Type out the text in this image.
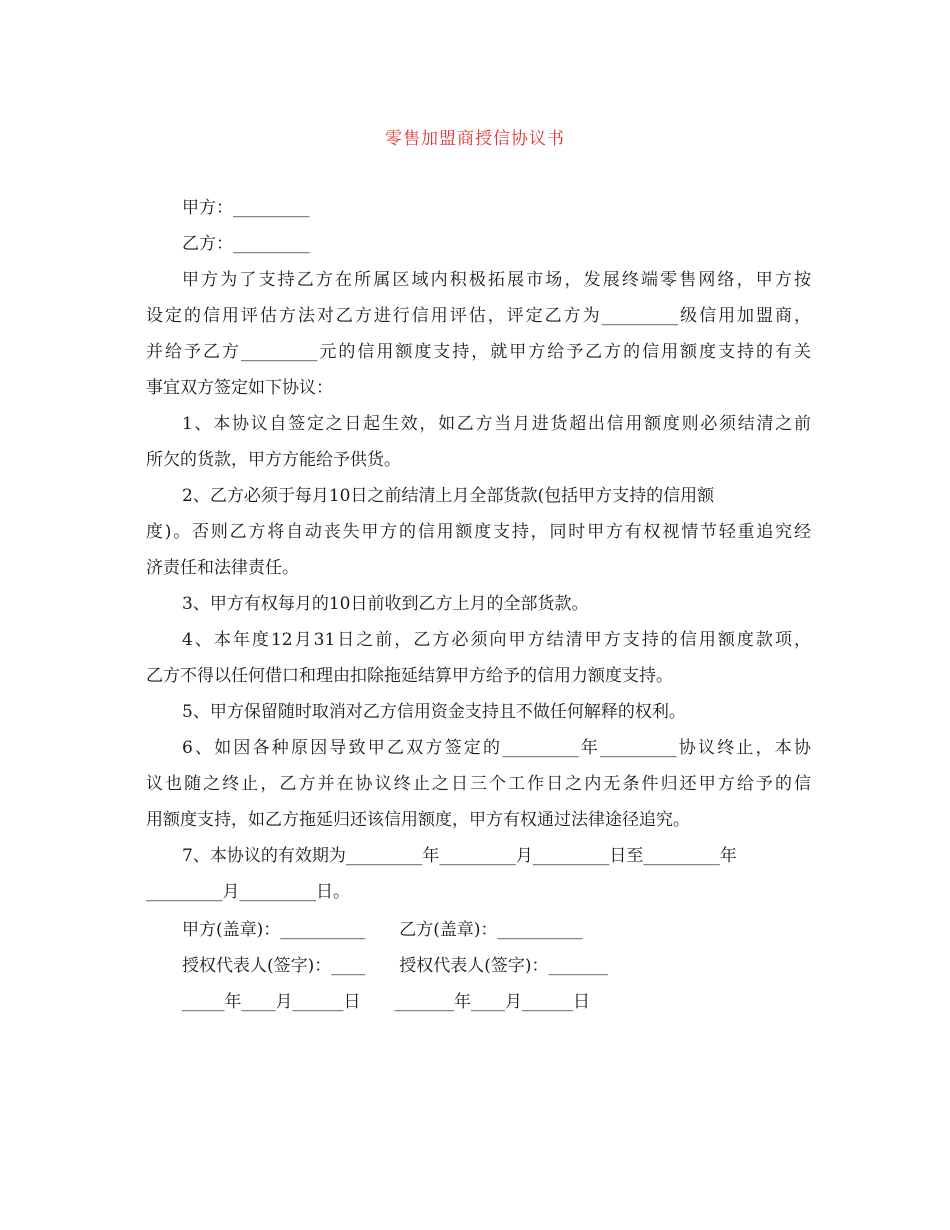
零售加盟商授信协议书
甲方：_________
乙方：_________
甲方为了支持乙方在所属区域内积极拓展市场，发展终端零售网络，甲方按
设定的信用评估方法对乙方进行信用评估，评定乙方为_________级信用加盟商，
并给予乙方_________元的信用额度支持，就甲方给予乙方的信用额度支持的有关
事宜双方签定如下协议：
1、本协议自签定之日起生效，如乙方当月进货超出信用额度则必须结清之前
所欠的货款，甲方方能给予供货。
2、乙方必须于每月10日之前结清上月全部货款(包括甲方支持的信用额
度)。否则乙方将自动丧失甲方的信用额度支持，同时甲方有权视情节轻重追究经
济责任和法律责任。
3、甲方有权每月的10日前收到乙方上月的全部货款。
4、本年度12月31日之前，乙方必须向甲方结清甲方支持的信用额度款项，
乙方不得以任何借口和理由扣除拖延结算甲方给予的信用力额度支持。
5、甲方保留随时取消对乙方信用资金支持且不做任何解释的权利。
6、如因各种原因导致甲乙双方签定的_________年_________协议终止，本协
议也随之终止，乙方并在协议终止之日三个工作日之内无条件归还甲方给予的信
用额度支持，如乙方拖延归还该信用额度，甲方有权通过法律途径追究。
7、本协议的有效期为_________年_________月_________日至_________年
_________月_________日。
甲方(盖章)：__________　　乙方(盖章)：__________
授权代表人(签字)：____　　授权代表人(签字)：_______
_____年____月______日　　_______年____月______日
